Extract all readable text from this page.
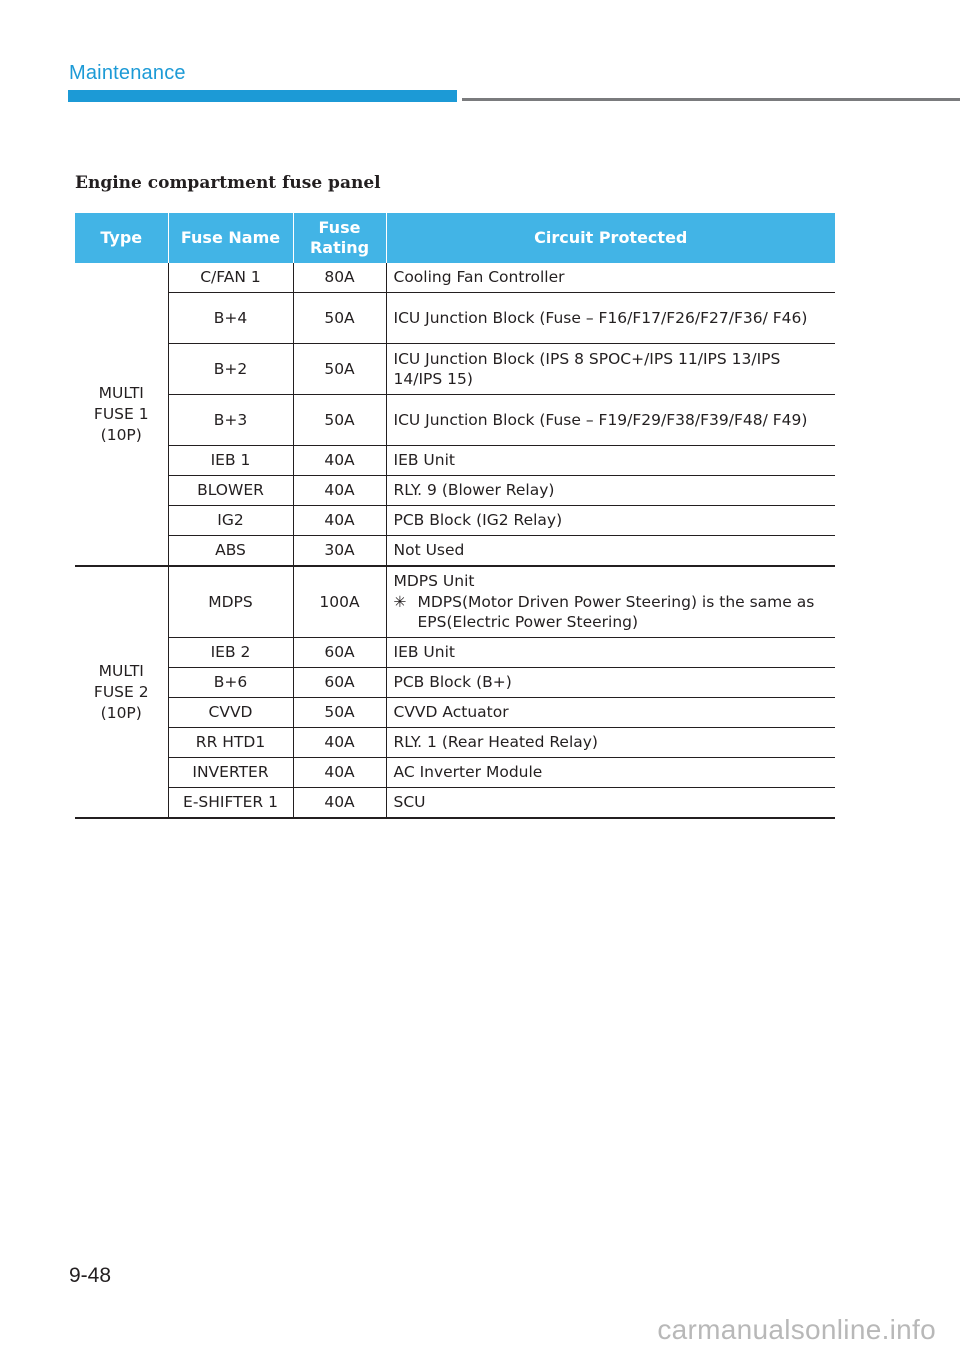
Maintenance
Engine compartment fuse panel
Type	Fuse Name	Fuse Rating	Circuit Protected
MULTI FUSE 1 (10P)	C/FAN 1	80A	Cooling Fan Controller
	B+4	50A	ICU Junction Block (Fuse – F16/F17/F26/F27/F36/ F46)
	B+2	50A	ICU Junction Block (IPS 8 SPOC+/IPS 11/IPS 13/IPS 14/IPS 15)
	B+3	50A	ICU Junction Block (Fuse – F19/F29/F38/F39/F48/ F49)
	IEB 1	40A	IEB Unit
	BLOWER	40A	RLY. 9 (Blower Relay)
	IG2	40A	PCB Block (IG2 Relay)
	ABS	30A	Not Used
MULTI FUSE 2 (10P)	MDPS	100A	MDPS Unit
✳ MDPS(Motor Driven Power Steering) is the same as EPS(Electric Power Steering)

	IEB 2	60A	IEB Unit
	B+6	60A	PCB Block (B+)
	CVVD	50A	CVVD Actuator
	RR HTD1	40A	RLY. 1 (Rear Heated Relay)
	INVERTER	40A	AC Inverter Module
	E-SHIFTER 1	40A	SCU
9-48
carmanualsonline.info
